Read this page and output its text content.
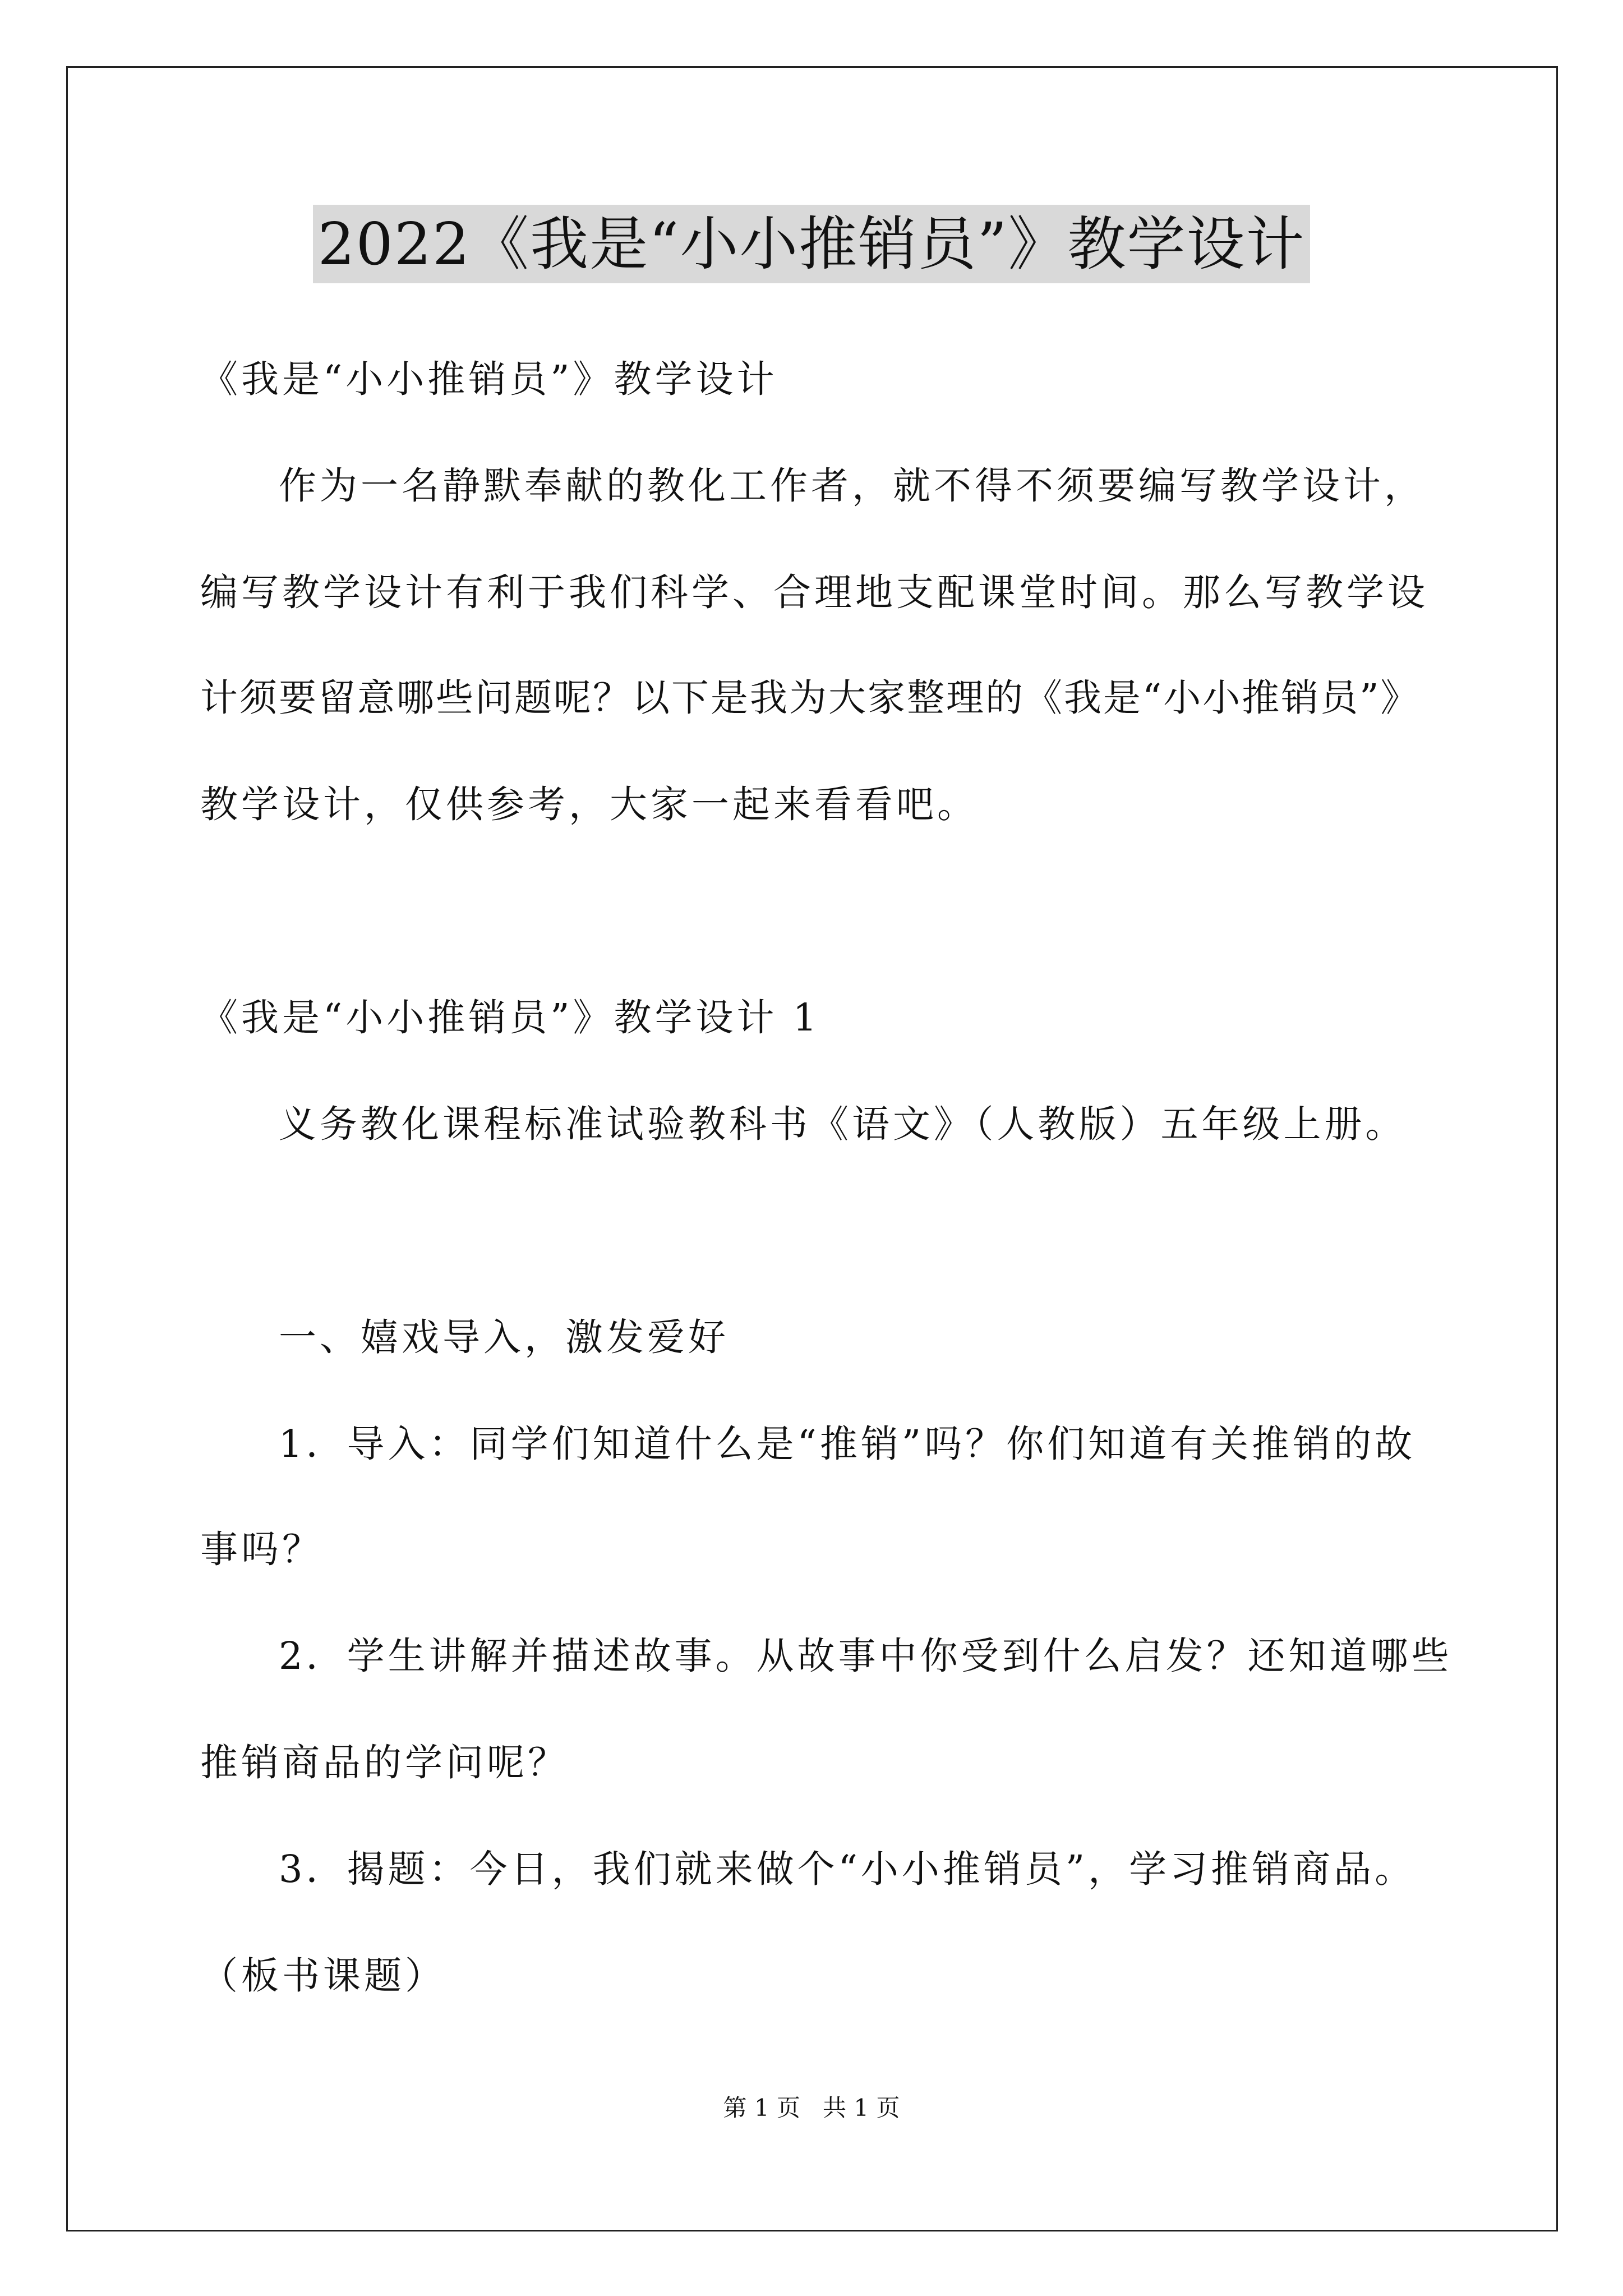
2022《我是“小小推销员”》教学设计
《我是“小小推销员”》教学设计
作为一名静默奉献的教化工作者，就不得不须要编写教学设计，
编写教学设计有利于我们科学、合理地支配课堂时间。那么写教学设
计须要留意哪些问题呢？以下是我为大家整理的《我是“小小推销员”》
教学设计，仅供参考，大家一起来看看吧。
《我是“小小推销员”》教学设计 1
义务教化课程标准试验教科书《语文》（人教版）五年级上册。
一、嬉戏导入，激发爱好
1．导入：同学们知道什么是“推销”吗？你们知道有关推销的故
事吗？
2．学生讲解并描述故事。从故事中你受到什么启发？还知道哪些
推销商品的学问呢？
3．揭题：今日，我们就来做个“小小推销员”，学习推销商品。
（板书课题）
第 1 页   共 1 页
